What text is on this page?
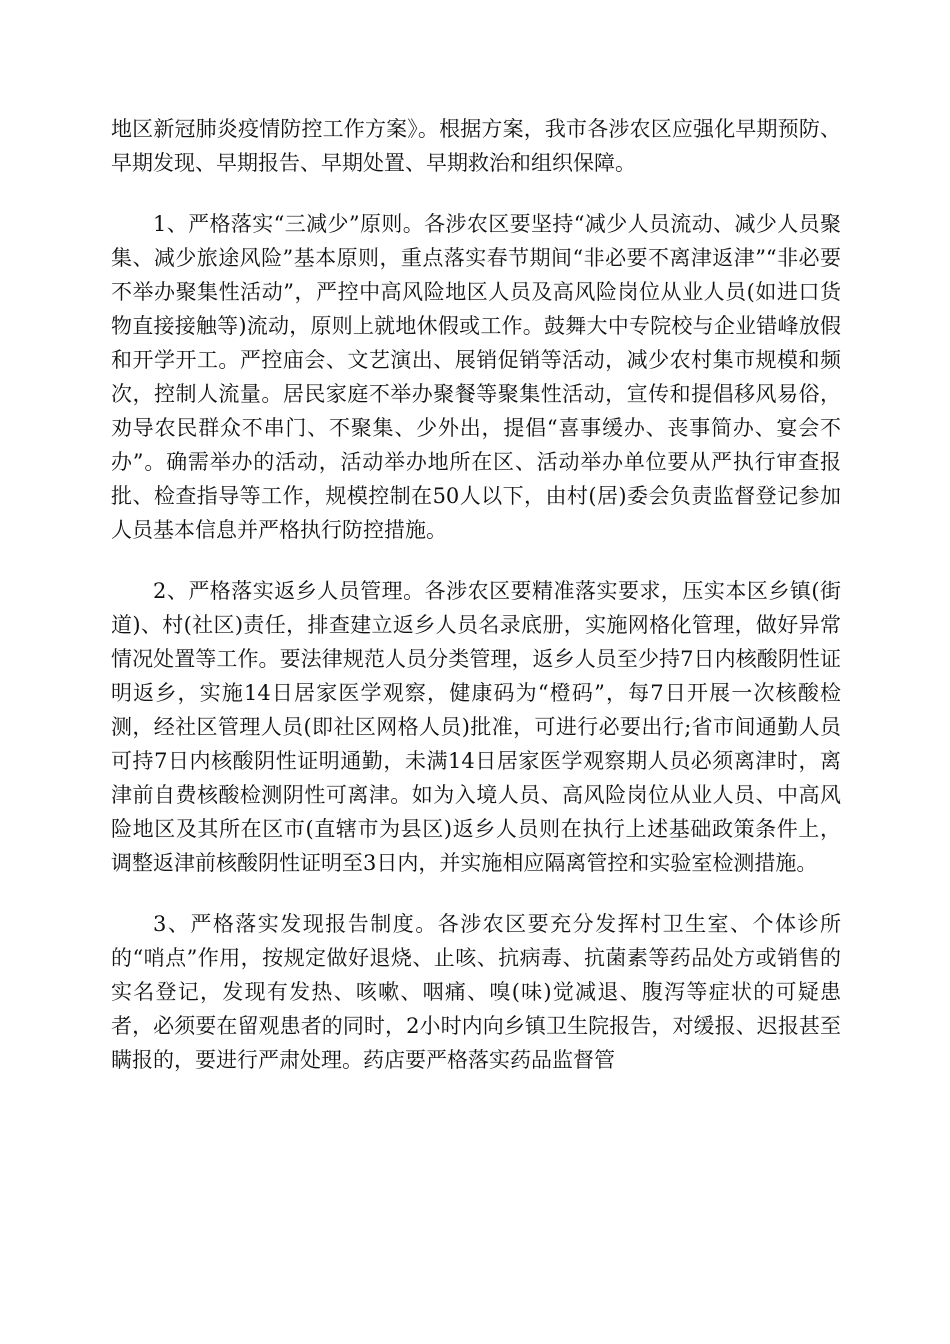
地区新冠肺炎疫情防控工作方案》。根据方案，我市各涉农区应强化早期预防、早期发现、早期报告、早期处置、早期救治和组织保障。

1、严格落实“三减少”原则。各涉农区要坚持“减少人员流动、减少人员聚集、减少旅途风险”基本原则，重点落实春节期间“非必要不离津返津”“非必要不举办聚集性活动”，严控中高风险地区人员及高风险岗位从业人员(如进口货物直接接触等)流动，原则上就地休假或工作。鼓舞大中专院校与企业错峰放假和开学开工。严控庙会、文艺演出、展销促销等活动，减少农村集市规模和频次，控制人流量。居民家庭不举办聚餐等聚集性活动，宣传和提倡移风易俗，劝导农民群众不串门、不聚集、少外出，提倡“喜事缓办、丧事简办、宴会不办”。确需举办的活动，活动举办地所在区、活动举办单位要从严执行审查报批、检查指导等工作，规模控制在50人以下，由村(居)委会负责监督登记参加人员基本信息并严格执行防控措施。

2、严格落实返乡人员管理。各涉农区要精准落实要求，压实本区乡镇(街道)、村(社区)责任，排查建立返乡人员名录底册，实施网格化管理，做好异常情况处置等工作。要法律规范人员分类管理，返乡人员至少持7日内核酸阴性证明返乡，实施14日居家医学观察，健康码为“橙码”，每7日开展一次核酸检测，经社区管理人员(即社区网格人员)批准，可进行必要出行;省市间通勤人员可持7日内核酸阴性证明通勤，未满14日居家医学观察期人员必须离津时，离津前自费核酸检测阴性可离津。如为入境人员、高风险岗位从业人员、中高风险地区及其所在区市(直辖市为县区)返乡人员则在执行上述基础政策条件上，调整返津前核酸阴性证明至3日内，并实施相应隔离管控和实验室检测措施。

3、严格落实发现报告制度。各涉农区要充分发挥村卫生室、个体诊所的“哨点”作用，按规定做好退烧、止咳、抗病毒、抗菌素等药品处方或销售的实名登记，发现有发热、咳嗽、咽痛、嗅(味)觉减退、腹泻等症状的可疑患者，必须要在留观患者的同时，2小时内向乡镇卫生院报告，对缓报、迟报甚至瞒报的，要进行严肃处理。药店要严格落实药品监督管
